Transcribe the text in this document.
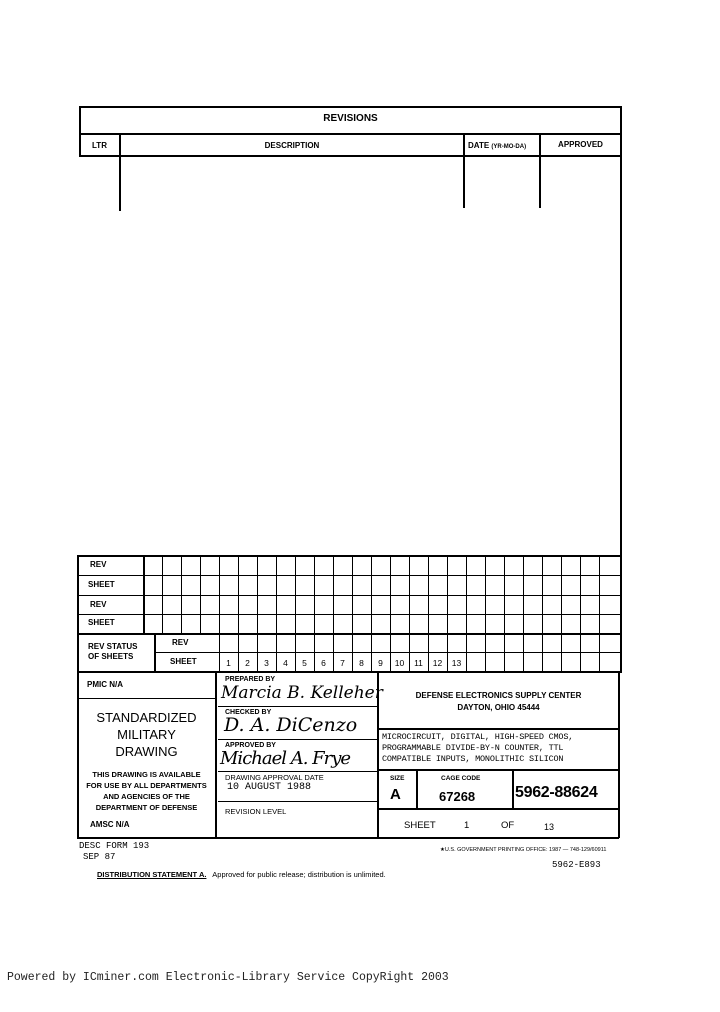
REVISIONS
LTR	DESCRIPTION	DATE (YR-MO-DA)	APPROVED
REV
SHEET
REV
SHEET
REV STATUS
OF SHEETS
REV
SHEET	1	2	3	4	5	6	7	8	9	10	11	12	13
PMIC N/A
STANDARDIZED
MILITARY
DRAWING
THIS DRAWING IS AVAILABLE
FOR USE BY ALL DEPARTMENTS
AND AGENCIES OF THE
DEPARTMENT OF DEFENSE
AMSC N/A
PREPARED BY
Marcia B. Kelleher
CHECKED BY
D. A. DiCenzo
APPROVED BY
Michael A. Frye
DRAWING APPROVAL DATE
10 AUGUST 1988
REVISION LEVEL
DEFENSE ELECTRONICS SUPPLY CENTER
DAYTON, OHIO 45444
MICROCIRCUIT, DIGITAL, HIGH-SPEED CMOS,
PROGRAMMABLE DIVIDE-BY-N COUNTER, TTL
COMPATIBLE INPUTS, MONOLITHIC SILICON
SIZE
A
CAGE CODE
67268 5962-88624
SHEET	1	OF	13
DESC FORM 193
SEP 87
★U.S. GOVERNMENT PRINTING OFFICE: 1987 — 748-129/60911
5962-E893
DISTRIBUTION STATEMENT A. Approved for public release; distribution is unlimited.
Powered by ICminer.com Electronic-Library Service CopyRight 2003
